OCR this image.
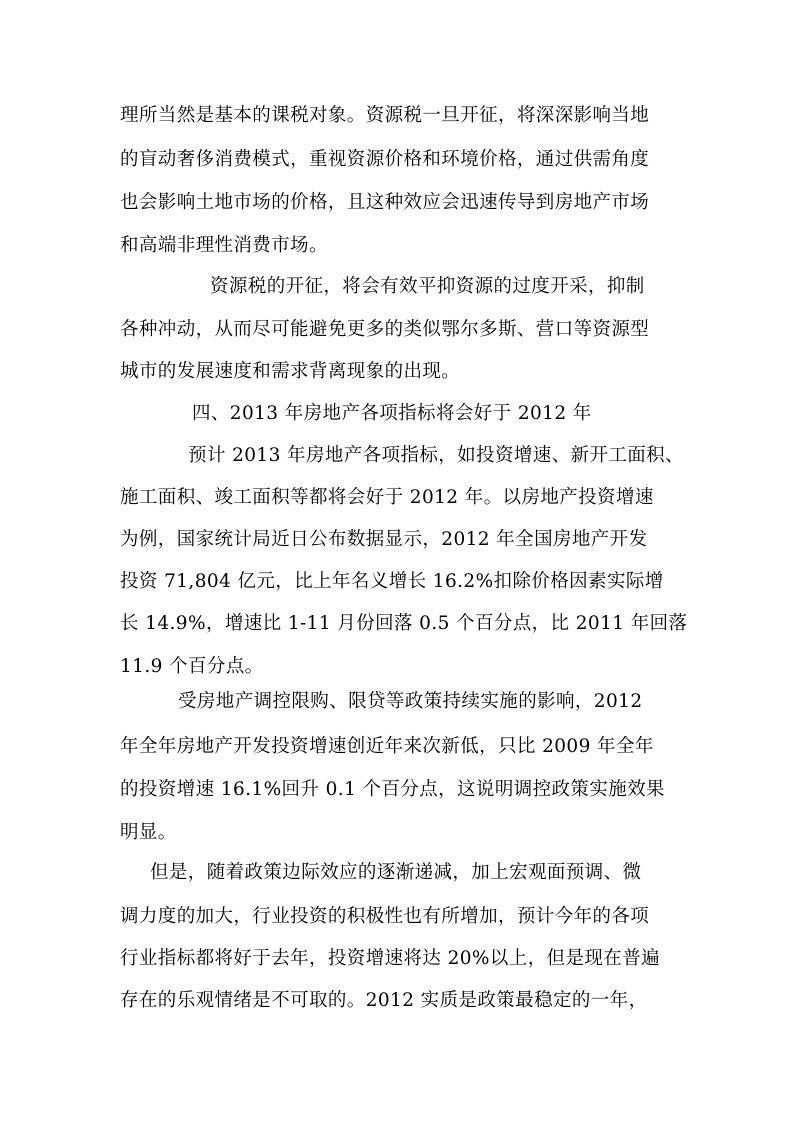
理所当然是基本的课税对象。资源税一旦开征，将深深影响当地
的盲动奢侈消费模式，重视资源价格和环境价格，通过供需角度
也会影响土地市场的价格，且这种效应会迅速传导到房地产市场
和高端非理性消费市场。
资源税的开征，将会有效平抑资源的过度开采，抑制
各种冲动，从而尽可能避免更多的类似鄂尔多斯、营口等资源型
城市的发展速度和需求背离现象的出现。
四、2013 年房地产各项指标将会好于 2012 年
预计 2013 年房地产各项指标，如投资增速、新开工面积、
施工面积、竣工面积等都将会好于 2012 年。以房地产投资增速
为例，国家统计局近日公布数据显示，2012 年全国房地产开发
投资 71,804 亿元，比上年名义增长 16.2%扣除价格因素实际增
长 14.9%，增速比 1-11 月份回落 0.5 个百分点，比 2011 年回落
11.9 个百分点。
受房地产调控限购、限贷等政策持续实施的影响，2012
年全年房地产开发投资增速创近年来次新低，只比 2009 年全年
的投资增速 16.1%回升 0.1 个百分点，这说明调控政策实施效果
明显。
但是，随着政策边际效应的逐渐递减，加上宏观面预调、微
调力度的加大，行业投资的积极性也有所增加，预计今年的各项
行业指标都将好于去年，投资增速将达 20%以上，但是现在普遍
存在的乐观情绪是不可取的。2012 实质是政策最稳定的一年，
